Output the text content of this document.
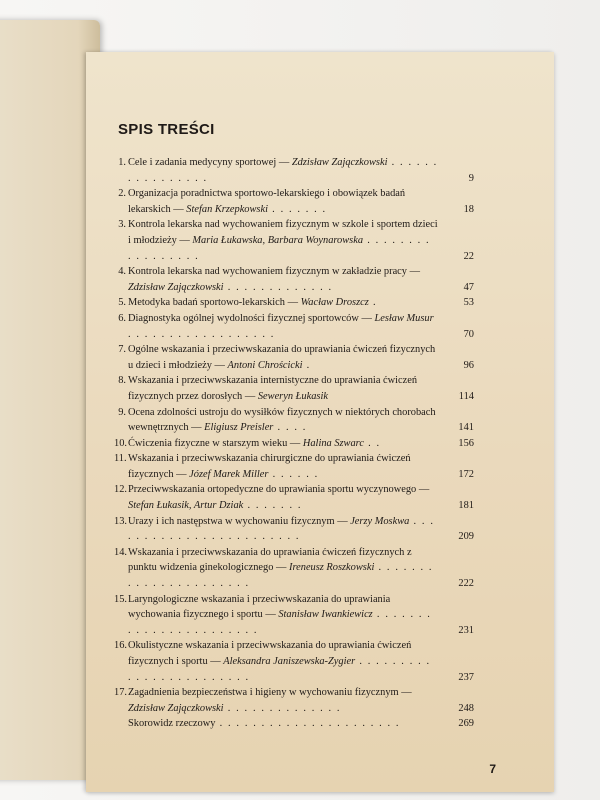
SPIS TREŚCI
1. Cele i zadania medycyny sportowej — Zdzisław Zajączkowski . . . . . . . . . . . . . . . .	9
2. Organizacja poradnictwa sportowo-lekarskiego i obowiązek badań lekarskich — Stefan Krzepkowski . . . . . . .	18
3. Kontrola lekarska nad wychowaniem fizycznym w szkole i sportem dzieci i młodzieży — Maria Łukawska, Barbara Woynarowska . . . . . . . . . . . . . . . . .	22
4. Kontrola lekarska nad wychowaniem fizycznym w zakładzie pracy — Zdzisław Zajączkowski . . . . . . . . . . . . .	47
5. Metodyka badań sportowo-lekarskich — Wacław Droszcz .	53
6. Diagnostyka ogólnej wydolności fizycznej sportowców — Lesław Musur . . . . . . . . . . . . . . . . . .	70
7. Ogólne wskazania i przeciwwskazania do uprawiania ćwiczeń fizycznych u dzieci i młodzieży — Antoni Chrościcki .	96
8. Wskazania i przeciwwskazania internistyczne do uprawiania ćwiczeń fizycznych przez dorosłych — Seweryn Łukasik	114
9. Ocena zdolności ustroju do wysiłków fizycznych w niektórych chorobach wewnętrznych — Eligiusz Preisler . . . .	141
10. Ćwiczenia fizyczne w starszym wieku — Halina Szwarc . .	156
11. Wskazania i przeciwwskazania chirurgiczne do uprawiania ćwiczeń fizycznych — Józef Marek Miller . . . . . .	172
12. Przeciwwskazania ortopedyczne do uprawiania sportu wyczynowego — Stefan Łukasik, Artur Dziak . . . . . . .	181
13. Urazy i ich następstwa w wychowaniu fizycznym — Jerzy Moskwa . . . . . . . . . . . . . . . . . . . . . . . .	209
14. Wskazania i przeciwwskazania do uprawiania ćwiczeń fizycznych z punktu widzenia ginekologicznego — Ireneusz Roszkowski . . . . . . . . . . . . . . . . . . . . . .	222
15. Laryngologiczne wskazania i przeciwwskazania do uprawiania wychowania fizycznego i sportu — Stanisław Iwankiewicz . . . . . . . . . . . . . . . . . . . . . . .	231
16. Okulistyczne wskazania i przeciwwskazania do uprawiania ćwiczeń fizycznych i sportu — Aleksandra Janiszewska-Zygier . . . . . . . . . . . . . . . . . . . . . . . .	237
17. Zagadnienia bezpieczeństwa i higieny w wychowaniu fizycznym — Zdzisław Zajączkowski . . . . . . . . . . . . . .	248
Skorowidz rzeczowy . . . . . . . . . . . . . . . . . . . . . .	269
7
